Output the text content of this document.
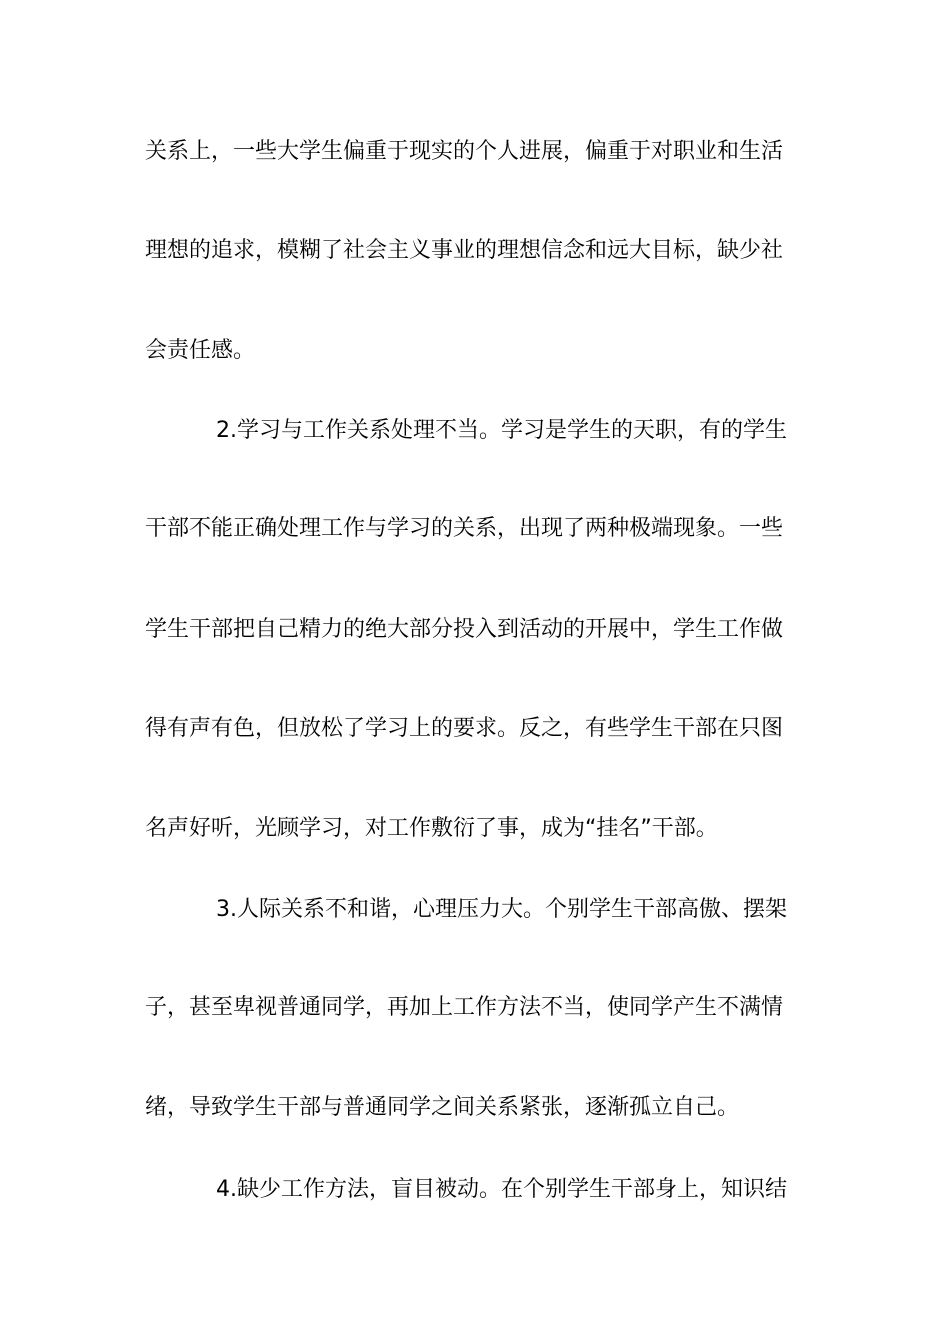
关系上，一些大学生偏重于现实的个人进展，偏重于对职业和生活
理想的追求，模糊了社会主义事业的理想信念和远大目标，缺少社
会责任感。
2.学习与工作关系处理不当。学习是学生的天职，有的学生
干部不能正确处理工作与学习的关系，出现了两种极端现象。一些
学生干部把自己精力的绝大部分投入到活动的开展中，学生工作做
得有声有色，但放松了学习上的要求。反之，有些学生干部在只图
名声好听，光顾学习，对工作敷衍了事，成为“挂名”干部。
3.人际关系不和谐，心理压力大。个别学生干部高傲、摆架
子，甚至卑视普通同学，再加上工作方法不当，使同学产生不满情
绪，导致学生干部与普通同学之间关系紧张，逐渐孤立自己。
4.缺少工作方法，盲目被动。在个别学生干部身上，知识结
